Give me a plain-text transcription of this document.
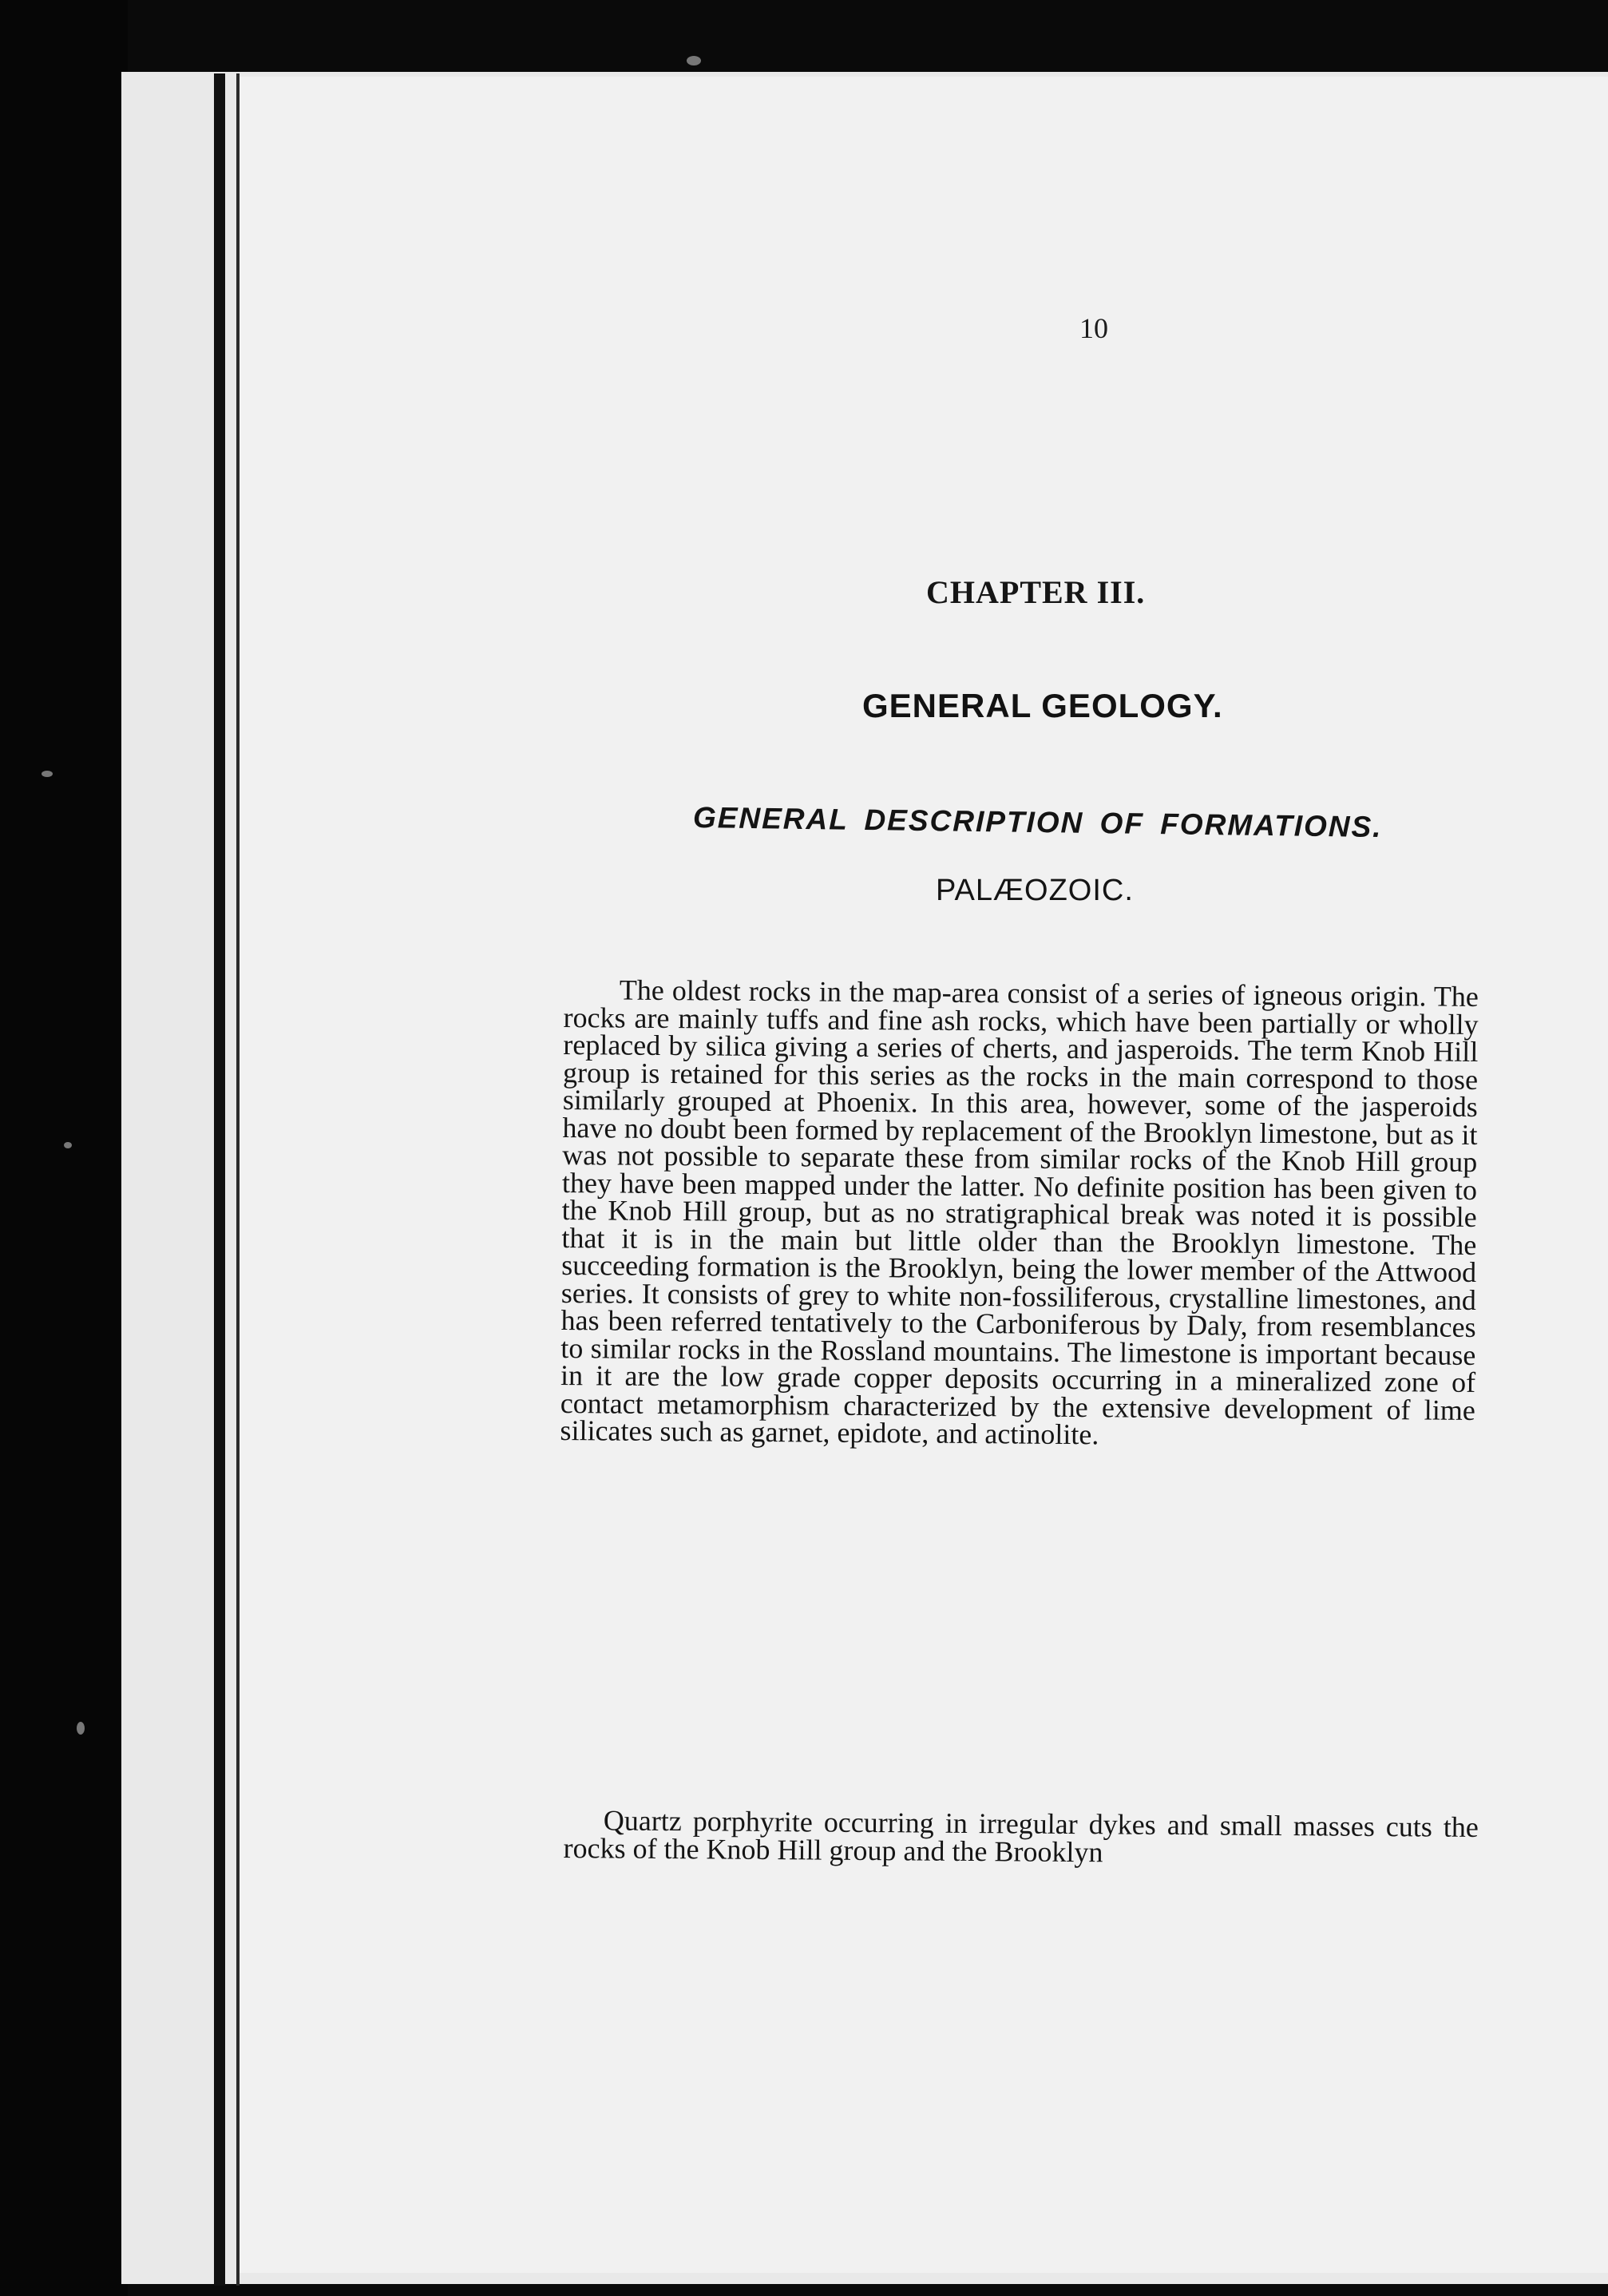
10
CHAPTER III.
GENERAL GEOLOGY.
GENERAL DESCRIPTION OF FORMATIONS.
PALÆOZOIC.

The oldest rocks in the map-area consist of a series of igneous origin. The rocks are mainly tuffs and fine ash rocks, which have been partially or wholly replaced by silica giving a series of cherts, and jasperoids. The term Knob Hill group is retained for this series as the rocks in the main correspond to those similarly grouped at Phoenix. In this area, however, some of the jasperoids have no doubt been formed by replacement of the Brooklyn limestone, but as it was not possible to separate these from similar rocks of the Knob Hill group they have been mapped under the latter. No definite position has been given to the Knob Hill group, but as no stratigraphical break was noted it is possible that it is in the main but little older than the Brooklyn limestone. The succeeding formation is the Brooklyn, being the lower member of the Attwood series. It consists of grey to white non-fossiliferous, crystalline limestones, and has been referred tentatively to the Carboniferous by Daly, from resemblances to similar rocks in the Rossland mountains. The limestone is important because in it are the low grade copper deposits occurring in a mineralized zone of contact metamorphism characterized by the extensive development of lime silicates such as garnet, epidote, and actinolite.

Quartz porphyrite occurring in irregular dykes and small masses cuts the rocks of the Knob Hill group and the Brooklyn
